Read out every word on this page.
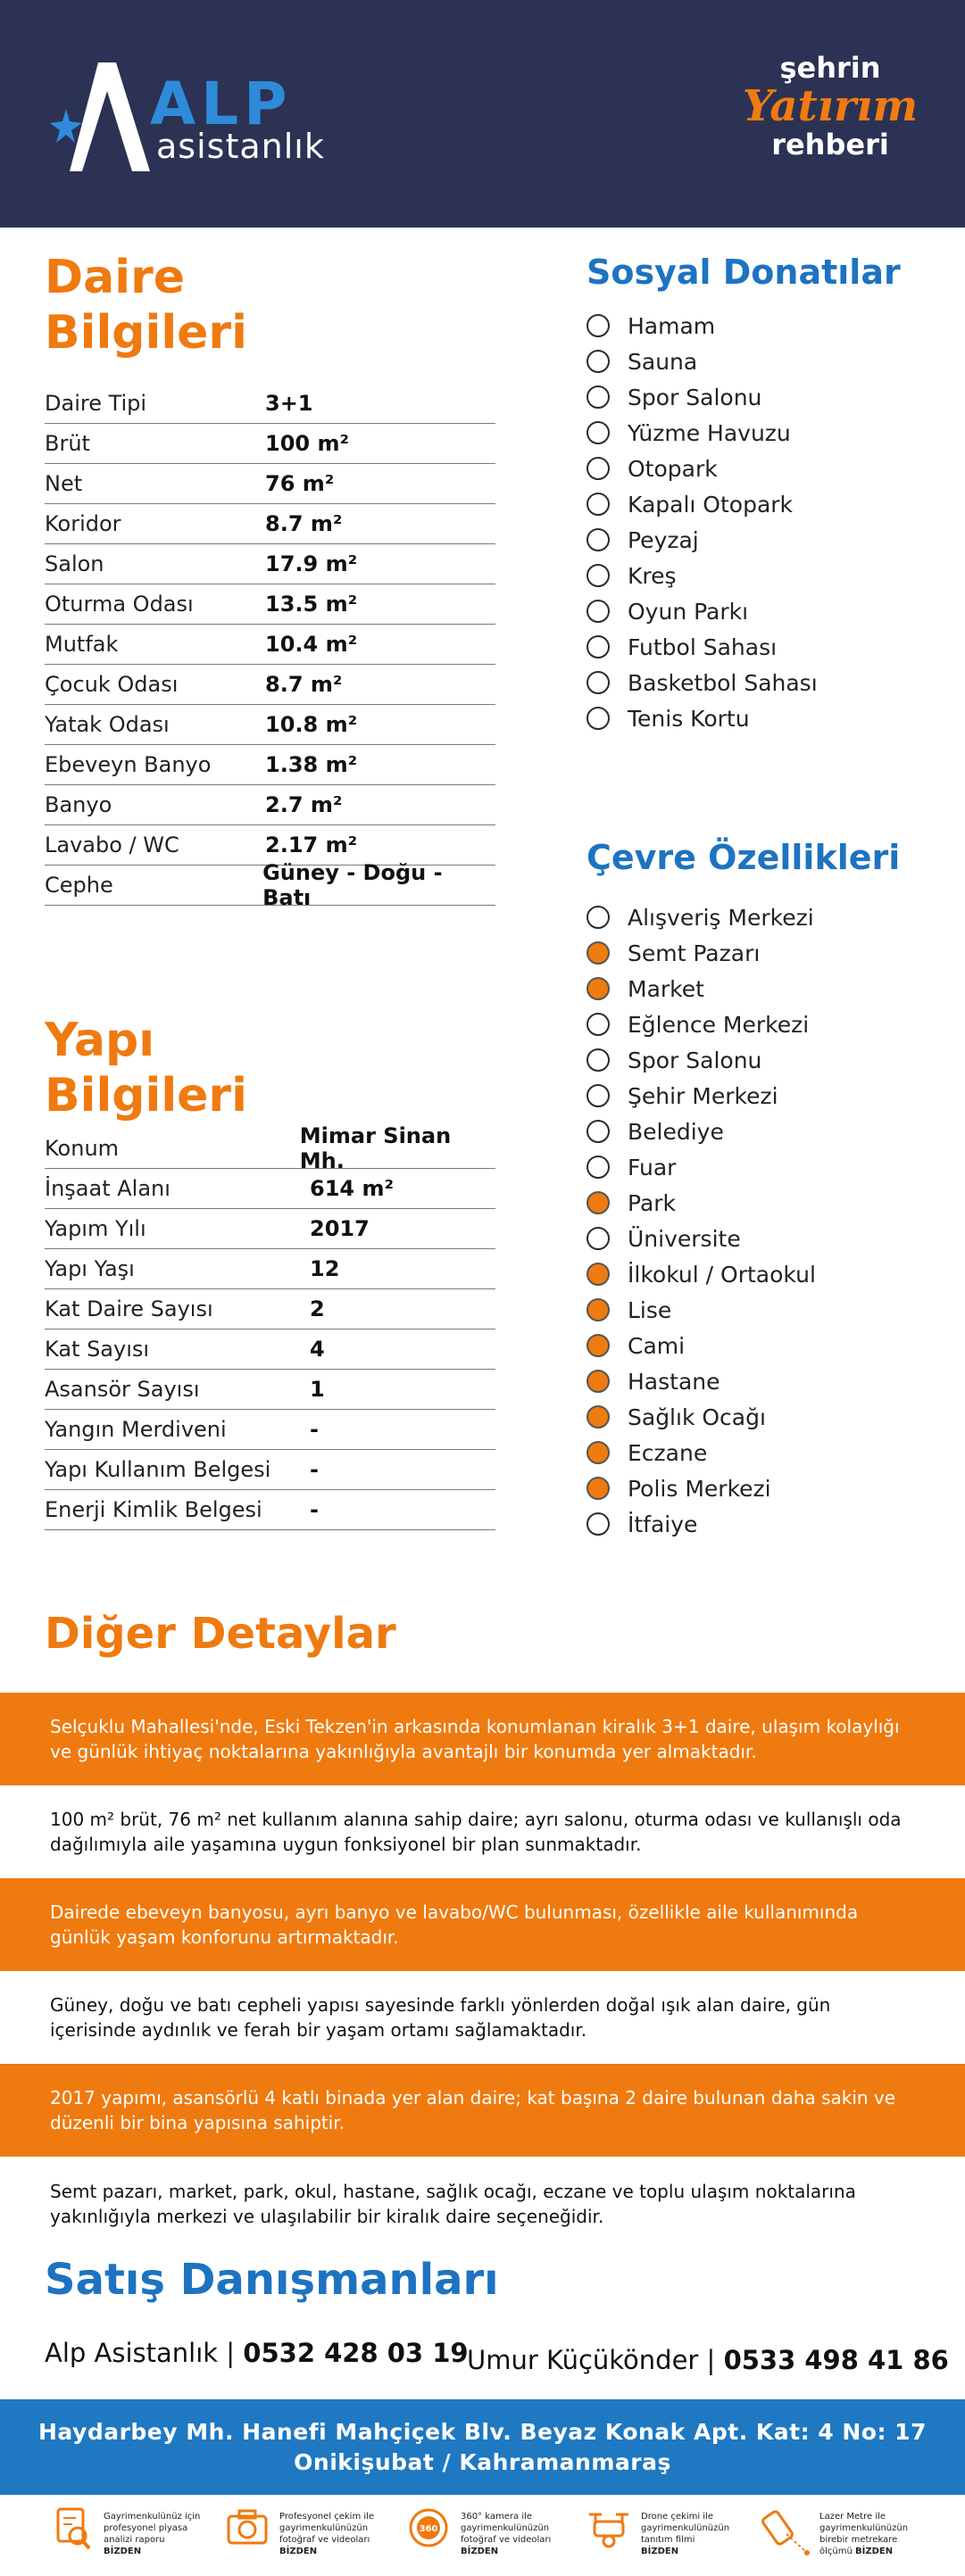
ALP
asistanlık
şehrin
Yatırım
rehberi
Daire
Bilgileri
Daire Tipi	3+1
Brüt	100 m²
Net	76 m²
Koridor	8.7 m²
Salon	17.9 m²
Oturma Odası	13.5 m²
Mutfak	10.4 m²
Çocuk Odası	8.7 m²
Yatak Odası	10.8 m²
Ebeveyn Banyo	1.38 m²
Banyo	2.7 m²
Lavabo / WC	2.17 m²
Cephe	Güney - Doğu - Batı
Yapı
Bilgileri
Konum	Mimar Sinan Mh.
İnşaat Alanı	614 m²
Yapım Yılı	2017
Yapı Yaşı	12
Kat Daire Sayısı	2
Kat Sayısı	4
Asansör Sayısı	1
Yangın Merdiveni	-
Yapı Kullanım Belgesi	-
Enerji Kimlik Belgesi	-
Sosyal Donatılar
Hamam
Sauna
Spor Salonu
Yüzme Havuzu
Otopark
Kapalı Otopark
Peyzaj
Kreş
Oyun Parkı
Futbol Sahası
Basketbol Sahası
Tenis Kortu
Çevre Özellikleri
Alışveriş Merkezi
Semt Pazarı
Market
Eğlence Merkezi
Spor Salonu
Şehir Merkezi
Belediye
Fuar
Park
Üniversite
İlkokul / Ortaokul
Lise
Cami
Hastane
Sağlık Ocağı
Eczane
Polis Merkezi
İtfaiye
Diğer Detaylar
Selçuklu Mahallesi'nde, Eski Tekzen'in arkasında konumlanan kiralık 3+1 daire, ulaşım kolaylığı ve günlük ihtiyaç noktalarına yakınlığıyla avantajlı bir konumda yer almaktadır.
100 m² brüt, 76 m² net kullanım alanına sahip daire; ayrı salonu, oturma odası ve kullanışlı oda dağılımıyla aile yaşamına uygun fonksiyonel bir plan sunmaktadır.
Dairede ebeveyn banyosu, ayrı banyo ve lavabo/WC bulunması, özellikle aile kullanımında günlük yaşam konforunu artırmaktadır.
Güney, doğu ve batı cepheli yapısı sayesinde farklı yönlerden doğal ışık alan daire, gün içerisinde aydınlık ve ferah bir yaşam ortamı sağlamaktadır.
2017 yapımı, asansörlü 4 katlı binada yer alan daire; kat başına 2 daire bulunan daha sakin ve düzenli bir bina yapısına sahiptir.
Semt pazarı, market, park, okul, hastane, sağlık ocağı, eczane ve toplu ulaşım noktalarına yakınlığıyla merkezi ve ulaşılabilir bir kiralık daire seçeneğidir.
Satış Danışmanları
Alp Asistanlık | 0532 428 03 19
Umur Küçükönder | 0533 498 41 86
Haydarbey Mh. Hanefi Mahçiçek Blv. Beyaz Konak Apt. Kat: 4 No: 17
Onikişubat / Kahramanmaraş
Gayrimenkulünüz için
profesyonel piyasa
analizi raporu
BİZDEN
Profesyonel çekim ile
gayrimenkulünüzün
fotoğraf ve videoları
BİZDEN
360
360° kamera ile
gayrimenkulünüzün
fotoğraf ve videoları
BİZDEN
Drone çekimi ile
gayrimenkulünüzün
tanıtım filmi
BİZDEN
Lazer Metre ile
gayrimenkulünüzün
birebir metrekare
ölçümü BİZDEN
